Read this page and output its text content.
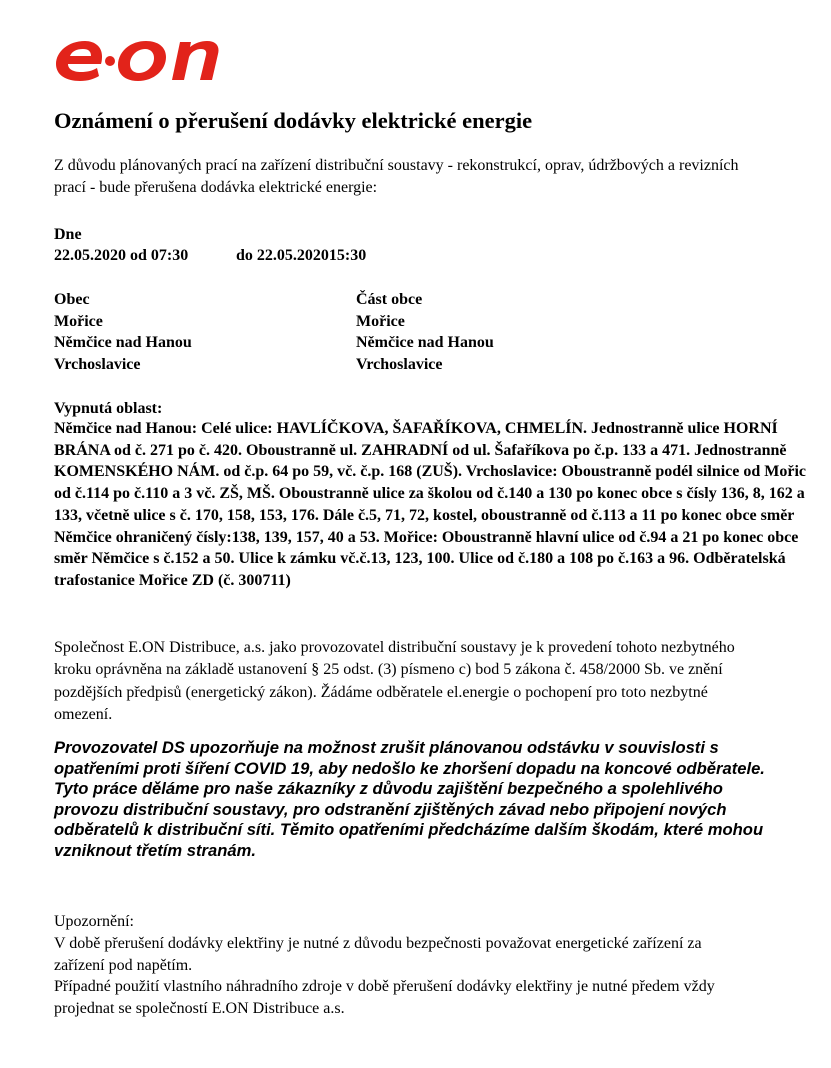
Oznámení o přerušení dodávky elektrické energie

Z důvodu plánovaných prací na zařízení distribuční soustavy - rekonstrukcí, oprav, údržbových a revizních prací - bude přerušena dodávka elektrické energie:

Dne

22.05.2020 od 07:30	do 22.05.202015:30

Obec
Mořice
Němčice nad Hanou
Vrchoslavice
Část obce
Mořice
Němčice nad Hanou
Vrchoslavice

Vypnutá oblast:

Němčice nad Hanou: Celé ulice: HAVLÍČKOVA, ŠAFAŘÍKOVA, CHMELÍN. Jednostranně ulice HORNÍ BRÁNA od č. 271 po č. 420. Oboustranně ul. ZAHRADNÍ od ul. Šafaříkova po č.p. 133 a 471. Jednostranně KOMENSKÉHO NÁM. od č.p. 64 po 59, vč. č.p. 168 (ZUŠ). Vrchoslavice: Oboustranně podél silnice od Mořic od č.114 po č.110 a 3 vč. ZŠ, MŠ. Oboustranně ulice za školou od č.140 a 130 po konec obce s čísly 136, 8, 162 a 133, včetně ulice s č. 170, 158, 153, 176. Dále č.5, 71, 72, kostel, oboustranně od č.113 a 11 po konec obce směr Němčice ohraničený čísly:138, 139, 157, 40 a 53. Mořice: Oboustranně hlavní ulice od č.94 a 21 po konec obce směr Němčice s č.152 a 50. Ulice k zámku vč.č.13, 123, 100. Ulice od č.180 a 108 po č.163 a 96. Odběratelská trafostanice Mořice ZD (č. 300711)

Společnost E.ON Distribuce, a.s. jako provozovatel distribuční soustavy je k provedení tohoto nezbytného kroku oprávněna na základě ustanovení § 25 odst. (3) písmeno c) bod 5 zákona č. 458/2000 Sb. ve znění pozdějších předpisů (energetický zákon). Žádáme odběratele el.energie o pochopení pro toto nezbytné omezení.

Provozovatel DS upozorňuje na možnost zrušit plánovanou odstávku v souvislosti s opatřeními proti šíření COVID 19, aby nedošlo ke zhoršení dopadu na koncové odběratele.
Tyto práce děláme pro naše zákazníky z důvodu zajištění bezpečného a spolehlivého provozu distribuční soustavy, pro odstranění zjištěných závad nebo připojení nových odběratelů k distribuční síti. Těmito opatřeními předcházíme dalším škodám, které mohou vzniknout třetím stranám.

Upozornění:

V době přerušení dodávky elektřiny je nutné z důvodu bezpečnosti považovat energetické zařízení za zařízení pod napětím.

Případné použití vlastního náhradního zdroje v době přerušení dodávky elektřiny je nutné předem vždy projednat se společností E.ON Distribuce a.s.
